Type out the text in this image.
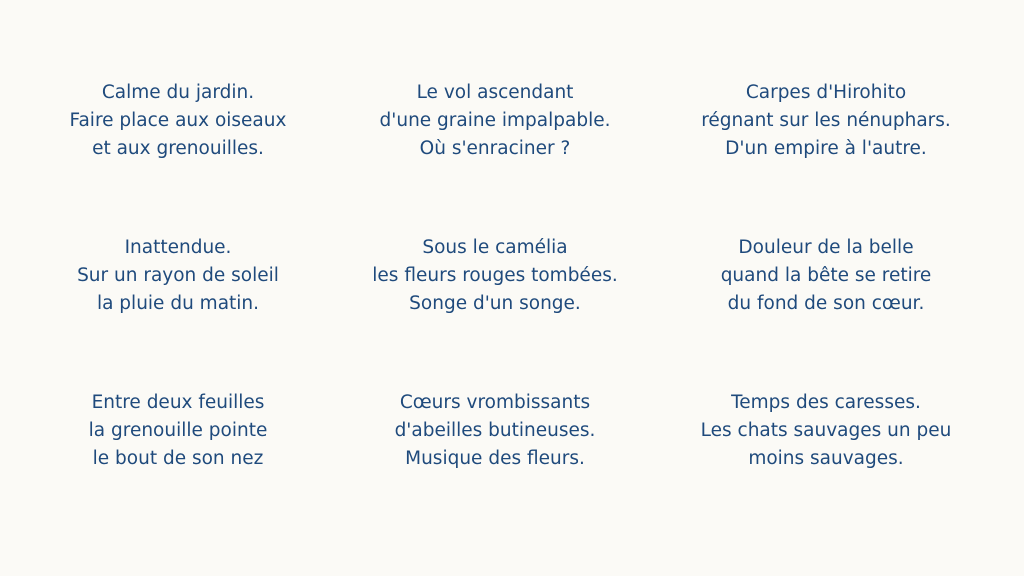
Calme du jardin.
Faire place aux oiseaux
et aux grenouilles.
Le vol ascendant
d'une graine impalpable.
Où s'enraciner ?
Carpes d'Hirohito
régnant sur les nénuphars.
D'un empire à l'autre.
Inattendue.
Sur un rayon de soleil
la pluie du matin.
Sous le camélia
les fleurs rouges tombées.
Songe d'un songe.
Douleur de la belle
quand la bête se retire
du fond de son cœur.
Entre deux feuilles
la grenouille pointe
le bout de son nez
Cœurs vrombissants
d'abeilles butineuses.
Musique des fleurs.
Temps des caresses.
Les chats sauvages un peu
moins sauvages.
